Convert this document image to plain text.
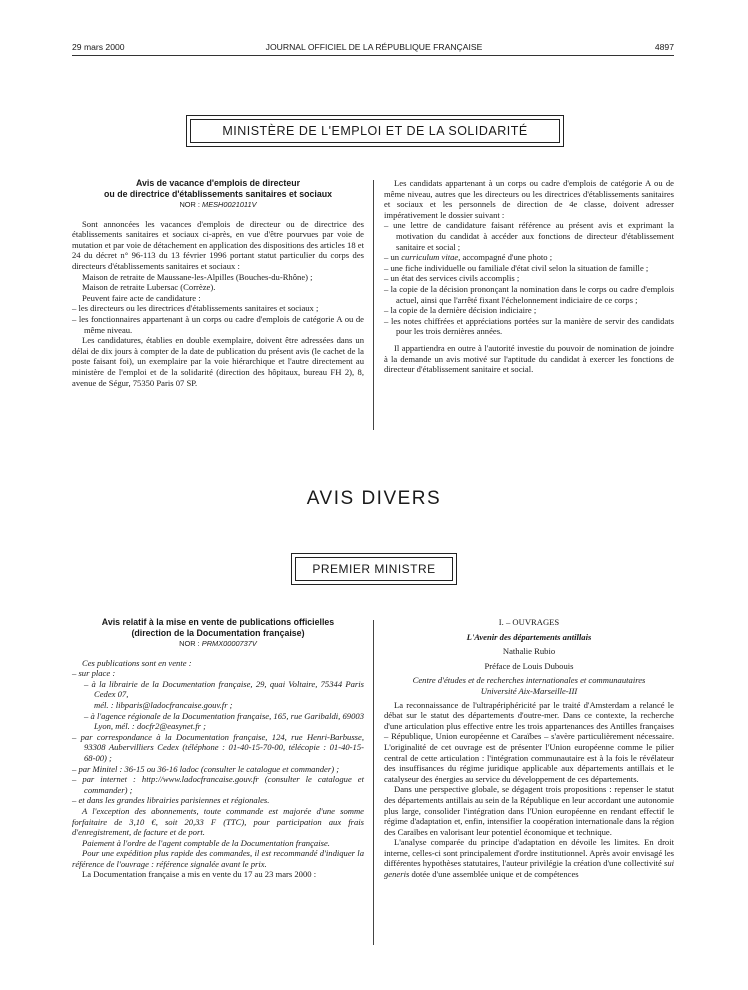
29 mars 2000	JOURNAL OFFICIEL DE LA RÉPUBLIQUE FRANÇAISE	4897
MINISTÈRE DE L'EMPLOI ET DE LA SOLIDARITÉ

Avis de vacance d'emplois de directeur

ou de directrice d'établissements sanitaires et sociaux

NOR : MESH0021011V

Sont annoncées les vacances d'emplois de directeur ou de directrice des établissements sanitaires et sociaux ci-après, en vue d'être pourvues par voie de mutation et par voie de détachement en application des dispositions des articles 18 et 24 du décret n° 96-113 du 13 février 1996 portant statut particulier du corps des directeurs d'établissements sanitaires et sociaux :

Maison de retraite de Maussane-les-Alpilles (Bouches-du-Rhône) ;

Maison de retraite Lubersac (Corrèze).

Peuvent faire acte de candidature :

– les directeurs ou les directrices d'établissements sanitaires et sociaux ;

– les fonctionnaires appartenant à un corps ou cadre d'emplois de catégorie A ou de même niveau.

Les candidatures, établies en double exemplaire, doivent être adressées dans un délai de dix jours à compter de la date de publication du présent avis (le cachet de la poste faisant foi), un exemplaire par la voie hiérarchique et l'autre directement au ministère de l'emploi et de la solidarité (direction des hôpitaux, bureau FH 2), 8, avenue de Ségur, 75350 Paris 07 SP.

Les candidats appartenant à un corps ou cadre d'emplois de catégorie A ou de même niveau, autres que les directeurs ou les directrices d'établissements sanitaires et sociaux et les personnels de direction de 4e classe, doivent adresser impérativement le dossier suivant :

– une lettre de candidature faisant référence au présent avis et exprimant la motivation du candidat à accéder aux fonctions de directeur d'établissement sanitaire et social ;

– un curriculum vitae, accompagné d'une photo ;

– une fiche individuelle ou familiale d'état civil selon la situation de famille ;

– un état des services civils accomplis ;

– la copie de la décision prononçant la nomination dans le corps ou cadre d'emplois actuel, ainsi que l'arrêté fixant l'échelonnement indiciaire de ce corps ;

– la copie de la dernière décision indiciaire ;

– les notes chiffrées et appréciations portées sur la manière de servir des candidats pour les trois dernières années.

Il appartiendra en outre à l'autorité investie du pouvoir de nomination de joindre à la demande un avis motivé sur l'aptitude du candidat à exercer les fonctions de directeur d'établissement sanitaire et social.

AVIS DIVERS
PREMIER MINISTRE

Avis relatif à la mise en vente de publications officielles

(direction de la Documentation française)

NOR : PRMX0000737V

Ces publications sont en vente :

– sur place :

– à la librairie de la Documentation française, 29, quai Voltaire, 75344 Paris Cedex 07,

mél. : libparis@ladocfrancaise.gouv.fr ;

– à l'agence régionale de la Documentation française, 165, rue Garibaldi, 69003 Lyon, mél. : docfr2@easynet.fr ;

– par correspondance à la Documentation française, 124, rue Henri-Barbusse, 93308 Aubervilliers Cedex (téléphone : 01-40-15-70-00, télécopie : 01-40-15-68-00) ;

– par Minitel : 36-15 ou 36-16 ladoc (consulter le catalogue et commander) ;

– par internet : http://www.ladocfrancaise.gouv.fr (consulter le catalogue et commander) ;

– et dans les grandes librairies parisiennes et régionales.

A l'exception des abonnements, toute commande est majorée d'une somme forfaitaire de 3,10 €, soit 20,33 F (TTC), pour participation aux frais d'enregistrement, de facture et de port.

Paiement à l'ordre de l'agent comptable de la Documentation française.

Pour une expédition plus rapide des commandes, il est recommandé d'indiquer la référence de l'ouvrage : référence signalée avant le prix.

La Documentation française a mis en vente du 17 au 23 mars 2000 :

I. – OUVRAGES

L'Avenir des départements antillais

Nathalie Rubio

Préface de Louis Dubouis

Centre d'études et de recherches internationales et communautaires

Université Aix-Marseille-III

La reconnaissance de l'ultrapériphéricité par le traité d'Amsterdam a relancé le débat sur le statut des départements d'outre-mer. Dans ce contexte, la recherche d'une articulation plus effective entre les trois appartenances des Antilles françaises – République, Union européenne et Caraïbes – s'avère particulièrement nécessaire. L'originalité de cet ouvrage est de présenter l'Union européenne comme le pilier central de cette articulation : l'intégration communautaire est à la fois le révélateur des insuffisances du régime juridique applicable aux départements antillais et le catalyseur des énergies au service du développement de ces départements.

Dans une perspective globale, se dégagent trois propositions : repenser le statut des départements antillais au sein de la République en leur accordant une autonomie plus large, consolider l'intégration dans l'Union européenne en rendant effectif le régime d'adaptation et, enfin, intensifier la coopération internationale dans la région des Caraïbes en valorisant leur potentiel économique et technique.

L'analyse comparée du principe d'adaptation en dévoile les limites. En droit interne, celles-ci sont principalement d'ordre institutionnel. Après avoir envisagé les différentes hypothèses statutaires, l'auteur privilégie la création d'une collectivité sui generis dotée d'une assemblée unique et de compétences
